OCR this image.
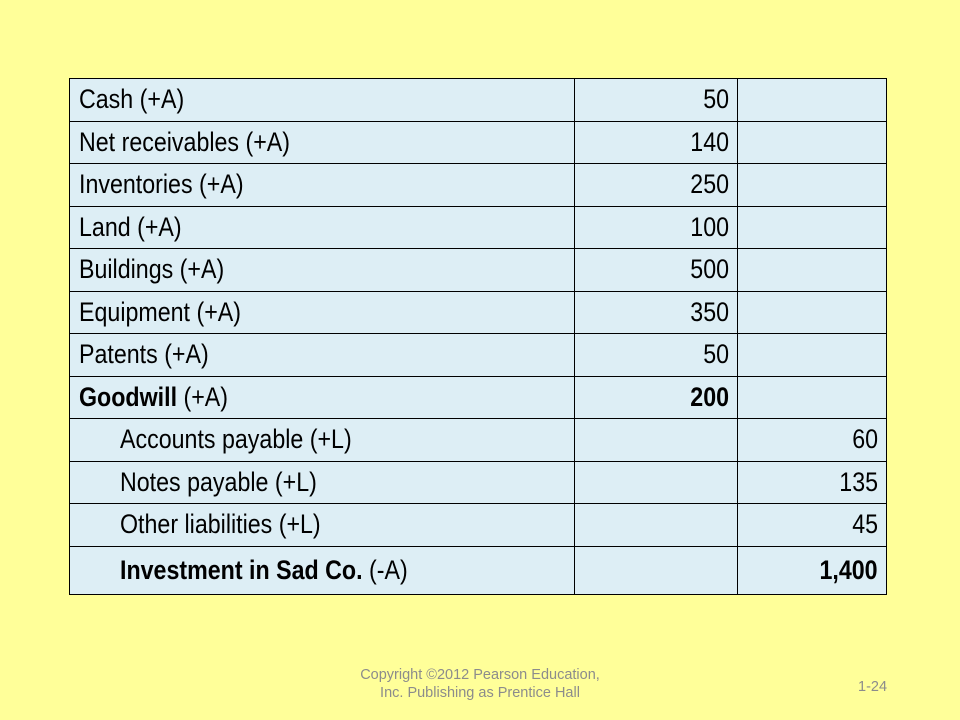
Cash (+A)	50	
Net receivables (+A)	140	
Inventories (+A)	250	
Land (+A)	100	
Buildings (+A)	500	
Equipment (+A)	350	
Patents (+A)	50	
Goodwill (+A)	200	
Accounts payable (+L)		60
Notes payable (+L)		135
Other liabilities (+L)		45
Investment in Sad Co. (-A)		1,400
Copyright ©2012 Pearson Education,
Inc. Publishing as Prentice Hall	1-24
